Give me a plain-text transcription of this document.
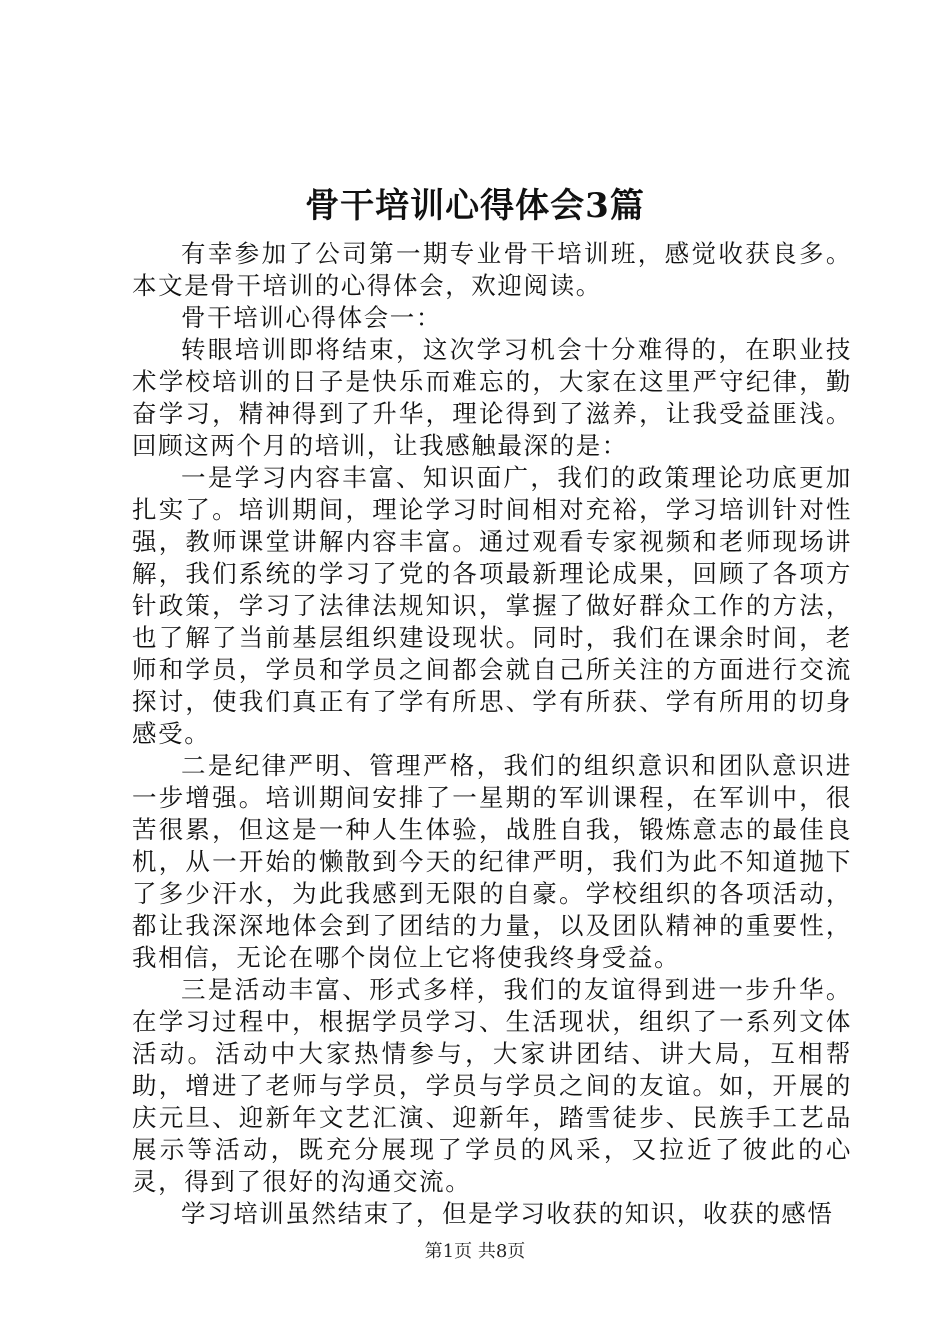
骨干培训心得体会3篇

有幸参加了公司第一期专业骨干培训班，感觉收获良多。本文是骨干培训的心得体会，欢迎阅读。

骨干培训心得体会一：

转眼培训即将结束，这次学习机会十分难得的，在职业技术学校培训的日子是快乐而难忘的，大家在这里严守纪律，勤奋学习，精神得到了升华，理论得到了滋养，让我受益匪浅。回顾这两个月的培训，让我感触最深的是：

一是学习内容丰富、知识面广，我们的政策理论功底更加扎实了。培训期间，理论学习时间相对充裕，学习培训针对性强，教师课堂讲解内容丰富。通过观看专家视频和老师现场讲解，我们系统的学习了党的各项最新理论成果，回顾了各项方针政策，学习了法律法规知识，掌握了做好群众工作的方法，也了解了当前基层组织建设现状。同时，我们在课余时间，老师和学员，学员和学员之间都会就自己所关注的方面进行交流探讨，使我们真正有了学有所思、学有所获、学有所用的切身感受。

二是纪律严明、管理严格，我们的组织意识和团队意识进一步增强。培训期间安排了一星期的军训课程，在军训中，很苦很累，但这是一种人生体验，战胜自我，锻炼意志的最佳良机，从一开始的懒散到今天的纪律严明，我们为此不知道抛下了多少汗水，为此我感到无限的自豪。学校组织的各项活动，都让我深深地体会到了团结的力量，以及团队精神的重要性，我相信，无论在哪个岗位上它将使我终身受益。

三是活动丰富、形式多样，我们的友谊得到进一步升华。在学习过程中，根据学员学习、生活现状，组织了一系列文体活动。活动中大家热情参与，大家讲团结、讲大局，互相帮助，增进了老师与学员，学员与学员之间的友谊。如，开展的庆元旦、迎新年文艺汇演、迎新年，踏雪徒步、民族手工艺品展示等活动，既充分展现了学员的风采，又拉近了彼此的心灵，得到了很好的沟通交流。

学习培训虽然结束了，但是学习收获的知识，收获的感悟

第1页 共8页
